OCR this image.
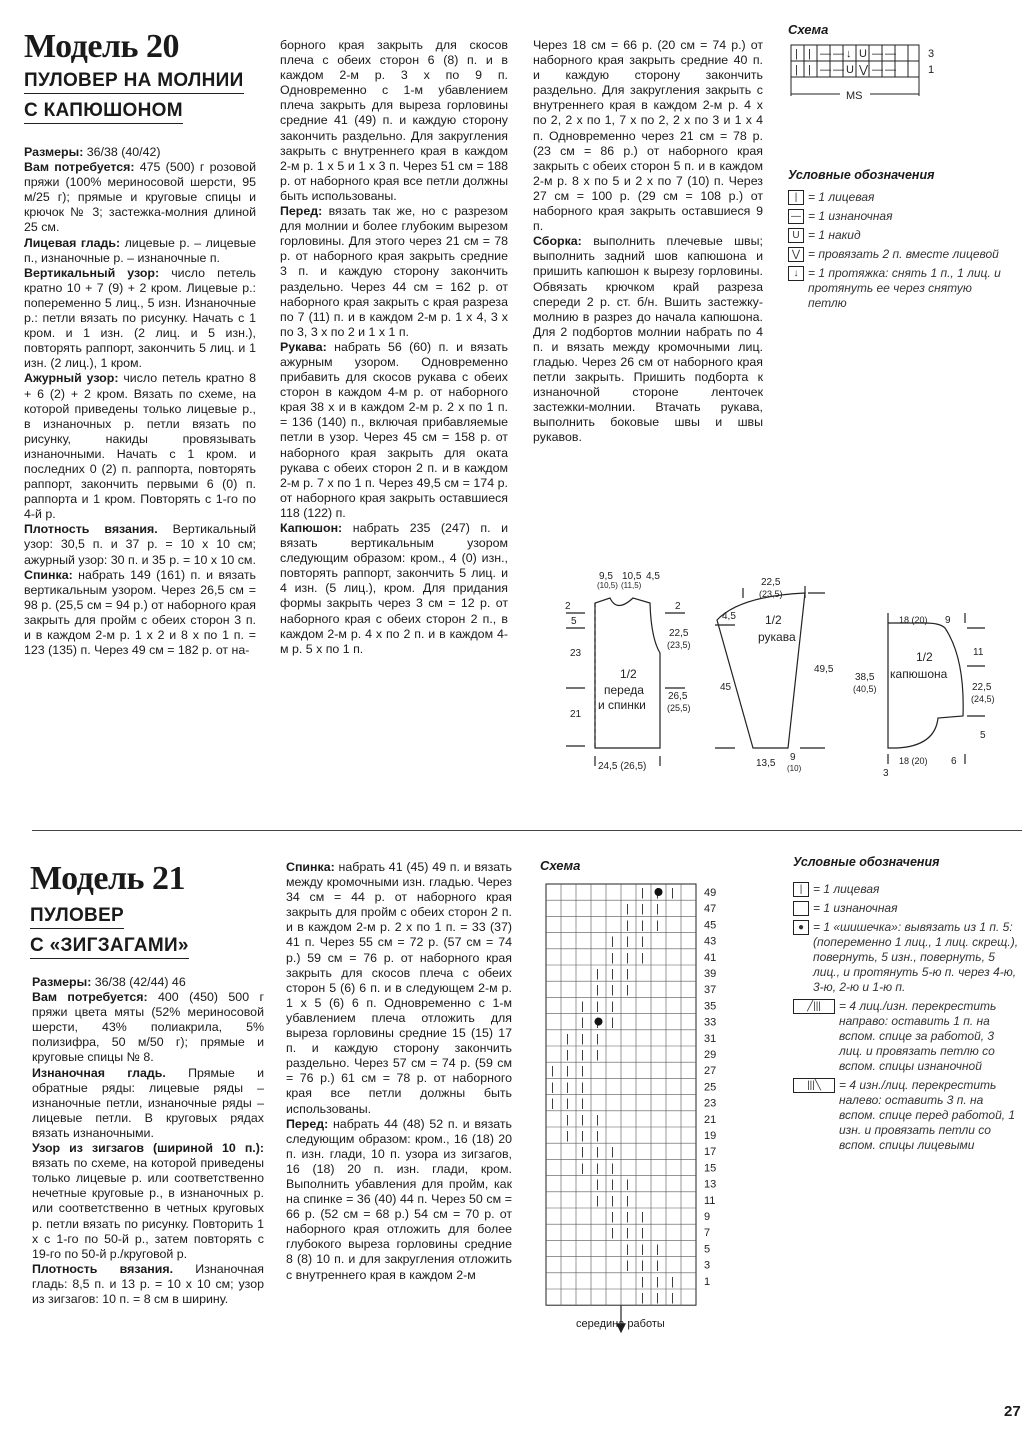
Модель 20
ПУЛОВЕР НА МОЛНИИ
С КАПЮШОНОМ

Размеры: 36/38 (40/42)

Вам потребуется: 475 (500) г розовой пряжи (100% мериносовой шерсти, 95 м/25 г); прямые и круговые спицы и крючок № 3; застежка-молния длиной 25 см.

Лицевая гладь: лицевые р. – лицевые п., изнаночные р. – изнаночные п.

Вертикальный узор: число петель кратно 10 + 7 (9) + 2 кром. Лицевые р.: попеременно 5 лиц., 5 изн. Изнаночные р.: петли вязать по рисунку. Начать с 1 кром. и 1 изн. (2 лиц. и 5 изн.), повторять раппорт, закончить 5 лиц. и 1 изн. (2 лиц.), 1 кром.

Ажурный узор: число петель кратно 8 + 6 (2) + 2 кром. Вязать по схеме, на которой приведены только лицевые р., в изнаночных р. петли вязать по рисунку, накиды провязывать изнаночными. Начать с 1 кром. и последних 0 (2) п. раппорта, повторять раппорт, закончить первыми 6 (0) п. раппорта и 1 кром. Повторять с 1-го по 4-й р.

Плотность вязания. Вертикальный узор: 30,5 п. и 37 р. = 10 х 10 см; ажурный узор: 30 п. и 35 р. = 10 х 10 см.

Спинка: набрать 149 (161) п. и вязать вертикальным узором. Через 26,5 см = 98 р. (25,5 см = 94 р.) от наборного края закрыть для пройм с обеих сторон 3 п. и в каждом 2-м р. 1 х 2 и 8 х по 1 п. = 123 (135) п. Через 49 см = 182 р. от на-

борного края закрыть для скосов плеча с обеих сторон 6 (8) п. и в каждом 2-м р. 3 х по 9 п. Одновременно с 1-м убавлением плеча закрыть для выреза горловины средние 41 (49) п. и каждую сторону закончить раздельно. Для закругления закрыть с внутреннего края в каждом 2-м р. 1 х 5 и 1 х 3 п. Через 51 см = 188 р. от наборного края все петли должны быть использованы.

Перед: вязать так же, но с разрезом для молнии и более глубоким вырезом горловины. Для этого через 21 см = 78 р. от наборного края закрыть средние 3 п. и каждую сторону закончить раздельно. Через 44 см = 162 р. от наборного края закрыть с края разреза по 7 (11) п. и в каждом 2-м р. 1 х 4, 3 х по 3, 3 х по 2 и 1 х 1 п.

Рукава: набрать 56 (60) п. и вязать ажурным узором. Одновременно прибавить для скосов рукава с обеих сторон в каждом 4-м р. от наборного края 38 х и в каждом 2-м р. 2 х по 1 п. = 136 (140) п., включая прибавляемые петли в узор. Через 45 см = 158 р. от наборного края закрыть для оката рукава с обеих сторон 2 п. и в каждом 2-м р. 7 х по 1 п. Через 49,5 см = 174 р. от наборного края закрыть оставшиеся 118 (122) п.

Капюшон: набрать 235 (247) п. и вязать вертикальным узором следующим образом: кром., 4 (0) изн., повторять раппорт, закончить 5 лиц. и 4 изн. (5 лиц.), кром. Для придания формы закрыть через 3 см = 12 р. от наборного края с обеих сторон 2 п., в каждом 2-м р. 4 х по 2 п. и в каждом 4-м р. 5 х по 1 п.

Через 18 см = 66 р. (20 см = 74 р.) от наборного края закрыть средние 40 п. и каждую сторону закончить раздельно. Для закругления закрыть с внутреннего края в каждом 2-м р. 4 х по 2, 2 х по 1, 7 х по 2, 2 х по 3 и 1 х 4 п. Одновременно через 21 см = 78 р. (23 см = 86 р.) от наборного края закрыть с обеих сторон 5 п. и в каждом 2-м р. 8 х по 5 и 2 х по 7 (10) п. Через 27 см = 100 р. (29 см = 108 р.) от наборного края закрыть оставшиеся 9 п.

Сборка: выполнить плечевые швы; выполнить задний шов капюшона и пришить капюшон к вырезу горловины. Обвязать крючком край разреза спереди 2 р. ст. б/н. Вшить застежку-молнию в разрез до начала капюшона. Для 2 подбортов молнии набрать по 4 п. и вязать между кромочными лиц. гладью. Через 26 см от наборного края петли закрыть. Пришить подборта к изнаночной стороне ленточек застежки-молнии. Втачать рукава, выполнить боковые швы и швы рукавов.

Схема
| | — — ↓ U — —
| | — — U ⋁ — —
3
1
MS
Условные обозначения
| = 1 лицевая
— = 1 изнаночная
U = 1 накид
⋁ = провязать 2 п. вместе лицевой
↓ = 1 протяжка: снять 1 п., 1 лиц. и протянуть ее через снятую петлю
9,5
(10,5)
10,5
(11,5)
4,5
2
5
2
22,5
(23,5)
23
26,5
(25,5)
21
1/2
переда
и спинки
24,5 (26,5)
22,5
(23,5)
4,5
45
49,5
1/2
рукава
13,5
9
(10)
18 (20) 9
38,5
(40,5)
11
22,5
(24,5)
5
1/2
капюшона
3
18 (20) 6
Модель 21
ПУЛОВЕР
С «ЗИГЗАГАМИ»

Размеры: 36/38 (42/44) 46

Вам потребуется: 400 (450) 500 г пряжи цвета мяты (52% мериносовой шерсти, 43% полиакрила, 5% полизифра, 50 м/50 г); прямые и круговые спицы № 8.

Изнаночная гладь. Прямые и обратные ряды: лицевые ряды – изнаночные петли, изнаночные ряды – лицевые петли. В круговых рядах вязать изнаночными.

Узор из зигзагов (шириной 10 п.): вязать по схеме, на которой приведены только лицевые р. или соответственно нечетные круговые р., в изнаночных р. или соответственно в четных круговых р. петли вязать по рисунку. Повторить 1 х с 1-го по 50-й р., затем повторять с 19-го по 50-й р./круговой р.

Плотность вязания. Изнаночная гладь: 8,5 п. и 13 р. = 10 х 10 см; узор из зигзагов: 10 п. = 8 см в ширину.

Спинка: набрать 41 (45) 49 п. и вязать между кромочными изн. гладью. Через 34 см = 44 р. от наборного края закрыть для пройм с обеих сторон 2 п. и в каждом 2-м р. 2 х по 1 п. = 33 (37) 41 п. Через 55 см = 72 р. (57 см = 74 р.) 59 см = 76 р. от наборного края закрыть для скосов плеча с обеих сторон 5 (6) 6 п. и в следующем 2-м р. 1 х 5 (6) 6 п. Одновременно с 1-м убавлением плеча отложить для выреза горловины средние 15 (15) 17 п. и каждую сторону закончить раздельно. Через 57 см = 74 р. (59 см = 76 р.) 61 см = 78 р. от наборного края все петли должны быть использованы.

Перед: набрать 44 (48) 52 п. и вязать следующим образом: кром., 16 (18) 20 п. изн. глади, 10 п. узора из зигзагов, 16 (18) 20 п. изн. глади, кром. Выполнить убавления для пройм, как на спинке = 36 (40) 44 п. Через 50 см = 66 р. (52 см = 68 р.) 54 см = 70 р. от наборного края отложить для более глубокого выреза горловины средние 8 (8) 10 п. и для закругления отложить с внутреннего края в каждом 2-м

Схема
| |
| | |
| | |
| | |
| | |
| | |
| | |
| | |
| |
| | |
| | |
| | |
| | |
| | |
| | |
| | |
| | |
| | |
| | |
| | |
| | |
| | |
| | |
| | |
| | |
| | |
49
47
45
43
41
39
37
35
33
31
29
27
25
23
21
19
17
15
13
11
9
7
5
3
1
середина работы
Условные обозначения
| = 1 лицевая
= 1 изнаночная
● = 1 «шишечка»: вывязать из 1 п. 5: (попеременно 1 лиц., 1 лиц. скрещ.), повернуть, 5 изн., повернуть, 5 лиц., и протянуть 5-ю п. через 4-ю, 3-ю, 2-ю и 1-ю п.
╱|||	= 4 лиц./изн. перекрестить направо: оставить 1 п. на вспом. спице за работой, 3 лиц. и провязать петлю со вспом. спицы изнаночной
|||╲	= 4 изн./лиц. перекрестить налево: оставить 3 п. на вспом. спице перед работой, 1 изн. и провязать петли со вспом. спицы лицевыми
27
